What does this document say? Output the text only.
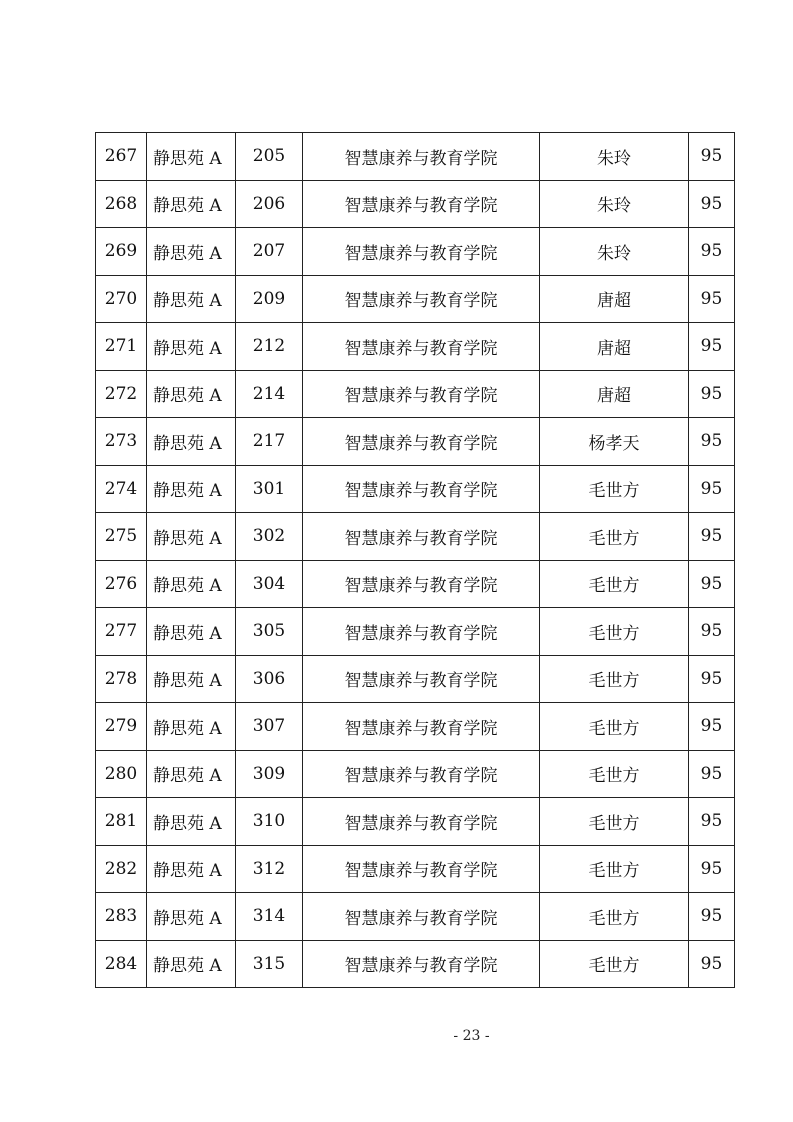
267	静思苑 A	205	智慧康养与教育学院	朱玲	95
268	静思苑 A	206	智慧康养与教育学院	朱玲	95
269	静思苑 A	207	智慧康养与教育学院	朱玲	95
270	静思苑 A	209	智慧康养与教育学院	唐超	95
271	静思苑 A	212	智慧康养与教育学院	唐超	95
272	静思苑 A	214	智慧康养与教育学院	唐超	95
273	静思苑 A	217	智慧康养与教育学院	杨孝天	95
274	静思苑 A	301	智慧康养与教育学院	毛世方	95
275	静思苑 A	302	智慧康养与教育学院	毛世方	95
276	静思苑 A	304	智慧康养与教育学院	毛世方	95
277	静思苑 A	305	智慧康养与教育学院	毛世方	95
278	静思苑 A	306	智慧康养与教育学院	毛世方	95
279	静思苑 A	307	智慧康养与教育学院	毛世方	95
280	静思苑 A	309	智慧康养与教育学院	毛世方	95
281	静思苑 A	310	智慧康养与教育学院	毛世方	95
282	静思苑 A	312	智慧康养与教育学院	毛世方	95
283	静思苑 A	314	智慧康养与教育学院	毛世方	95
284	静思苑 A	315	智慧康养与教育学院	毛世方	95
- 23 -
